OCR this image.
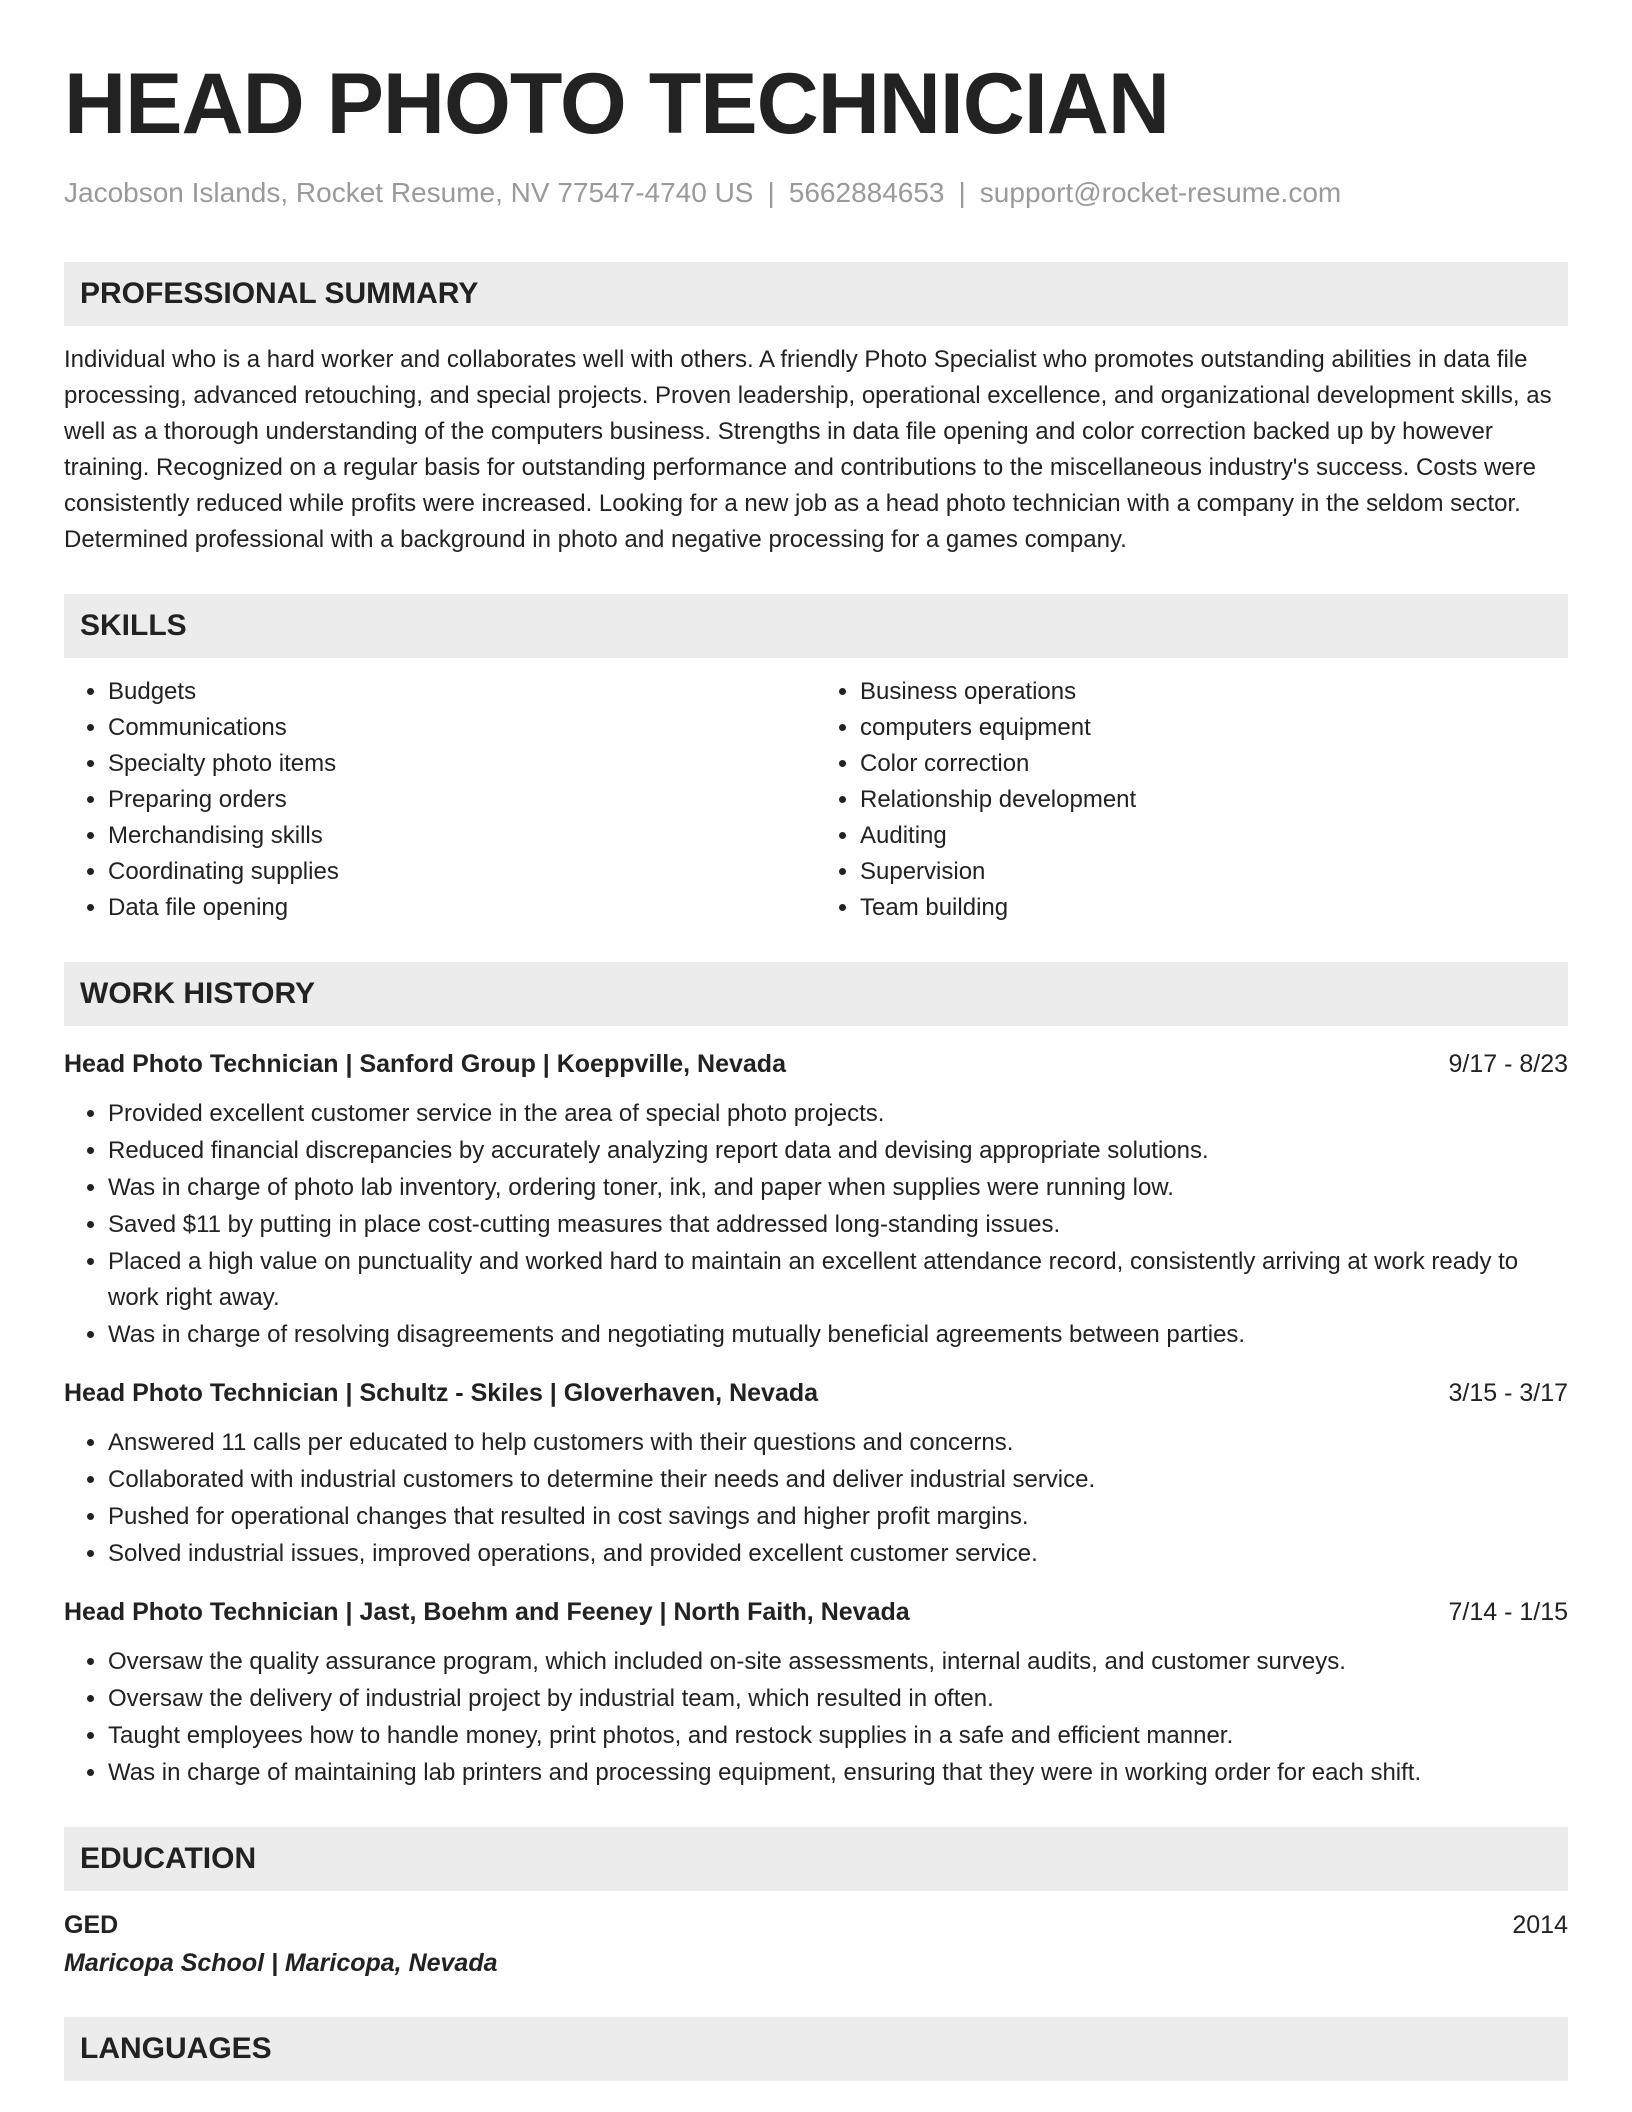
HEAD PHOTO TECHNICIAN
Jacobson Islands, Rocket Resume, NV 77547-4740 US | 5662884653 | support@rocket-resume.com
PROFESSIONAL SUMMARY
Individual who is a hard worker and collaborates well with others. A friendly Photo Specialist who promotes outstanding abilities in data file processing, advanced retouching, and special projects. Proven leadership, operational excellence, and organizational development skills, as well as a thorough understanding of the computers business. Strengths in data file opening and color correction backed up by however training. Recognized on a regular basis for outstanding performance and contributions to the miscellaneous industry's success. Costs were consistently reduced while profits were increased. Looking for a new job as a head photo technician with a company in the seldom sector. Determined professional with a background in photo and negative processing for a games company.
SKILLS
• Budgets
• Communications
• Specialty photo items
• Preparing orders
• Merchandising skills
• Coordinating supplies
• Data file opening
• Business operations
• computers equipment
• Color correction
• Relationship development
• Auditing
• Supervision
• Team building
WORK HISTORY
Head Photo Technician | Sanford Group | Koeppville, Nevada	9/17 - 8/23
• Provided excellent customer service in the area of special photo projects.
• Reduced financial discrepancies by accurately analyzing report data and devising appropriate solutions.
• Was in charge of photo lab inventory, ordering toner, ink, and paper when supplies were running low.
• Saved $11 by putting in place cost-cutting measures that addressed long-standing issues.
• Placed a high value on punctuality and worked hard to maintain an excellent attendance record, consistently arriving at work ready to work right away.
• Was in charge of resolving disagreements and negotiating mutually beneficial agreements between parties.
Head Photo Technician | Schultz - Skiles | Gloverhaven, Nevada	3/15 - 3/17
• Answered 11 calls per educated to help customers with their questions and concerns.
• Collaborated with industrial customers to determine their needs and deliver industrial service.
• Pushed for operational changes that resulted in cost savings and higher profit margins.
• Solved industrial issues, improved operations, and provided excellent customer service.
Head Photo Technician | Jast, Boehm and Feeney | North Faith, Nevada	7/14 - 1/15
• Oversaw the quality assurance program, which included on-site assessments, internal audits, and customer surveys.
• Oversaw the delivery of industrial project by industrial team, which resulted in often.
• Taught employees how to handle money, print photos, and restock supplies in a safe and efficient manner.
• Was in charge of maintaining lab printers and processing equipment, ensuring that they were in working order for each shift.
EDUCATION
GED	2014
Maricopa School | Maricopa, Nevada
LANGUAGES
